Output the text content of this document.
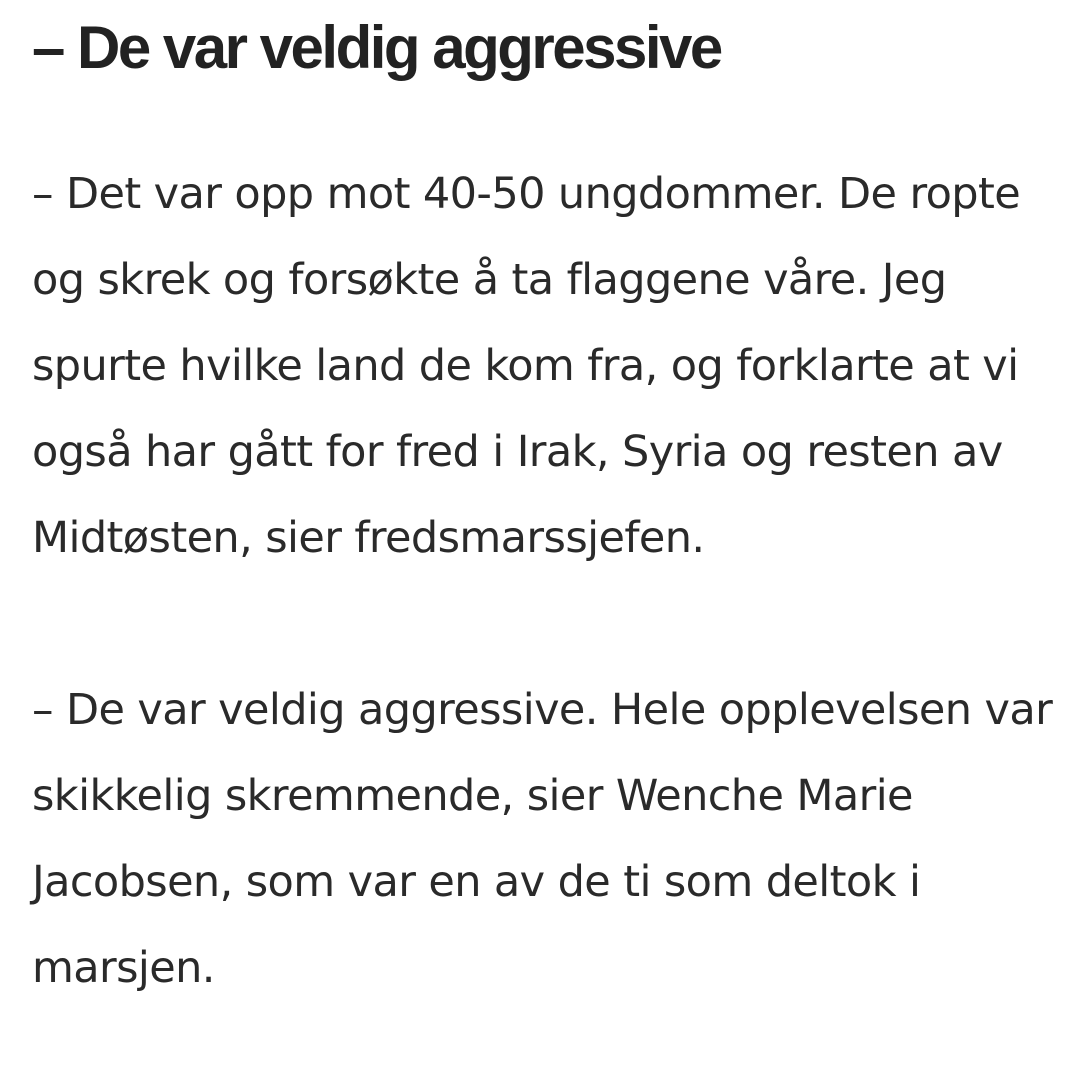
– De var veldig aggressive

– Det var opp mot 40-50 ungdommer. De ropte og skrek og forsøkte å ta flaggene våre. Jeg spurte hvilke land de kom fra, og forklarte at vi også har gått for fred i Irak, Syria og resten av Midtøsten, sier fredsmarssjefen.

– De var veldig aggressive. Hele opplevelsen var skikkelig skremmende, sier Wenche Marie Jacobsen, som var en av de ti som deltok i marsjen.
